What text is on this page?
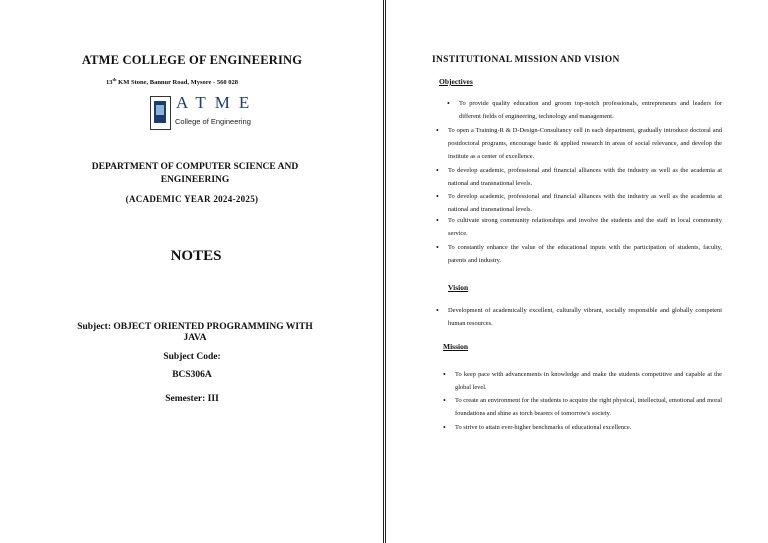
ATME COLLEGE OF ENGINEERING
13th KM Stone, Bannur Road, Mysore - 560 028
ATME
College of Engineering
DEPARTMENT OF COMPUTER SCIENCE AND ENGINEERING
(ACADEMIC YEAR 2024-2025)
NOTES
Subject: OBJECT ORIENTED PROGRAMMING WITH JAVA
Subject Code:
BCS306A
Semester: III
INSTITUTIONAL MISSION AND VISION
Objectives
• To provide quality education and groom top-notch professionals, entrepreneurs and leaders for different fields of engineering, technology and management.
• To open a Training-R & D-Design-Consultancy cell in each department, gradually introduce doctoral and postdoctoral programs, encourage basic & applied research in areas of social relevance, and develop the institute as a center of excellence.
• To develop academic, professional and financial alliances with the industry as well as the academia at national and transnational levels.
• To develop academic, professional and financial alliances with the industry as well as the academia at national and transnational levels.
• To cultivate strong community relationships and involve the students and the staff in local community service.
• To constantly enhance the value of the educational inputs with the participation of students, faculty, parents and industry.
Vision
• Development of academically excellent, culturally vibrant, socially responsible and globally competent human resources.
Mission
• To keep pace with advancements in knowledge and make the students competitive and capable at the global level.
• To create an environment for the students to acquire the right physical, intellectual, emotional and moral foundations and shine as torch bearers of tomorrow's society.
• To strive to attain ever-higher benchmarks of educational excellence.
